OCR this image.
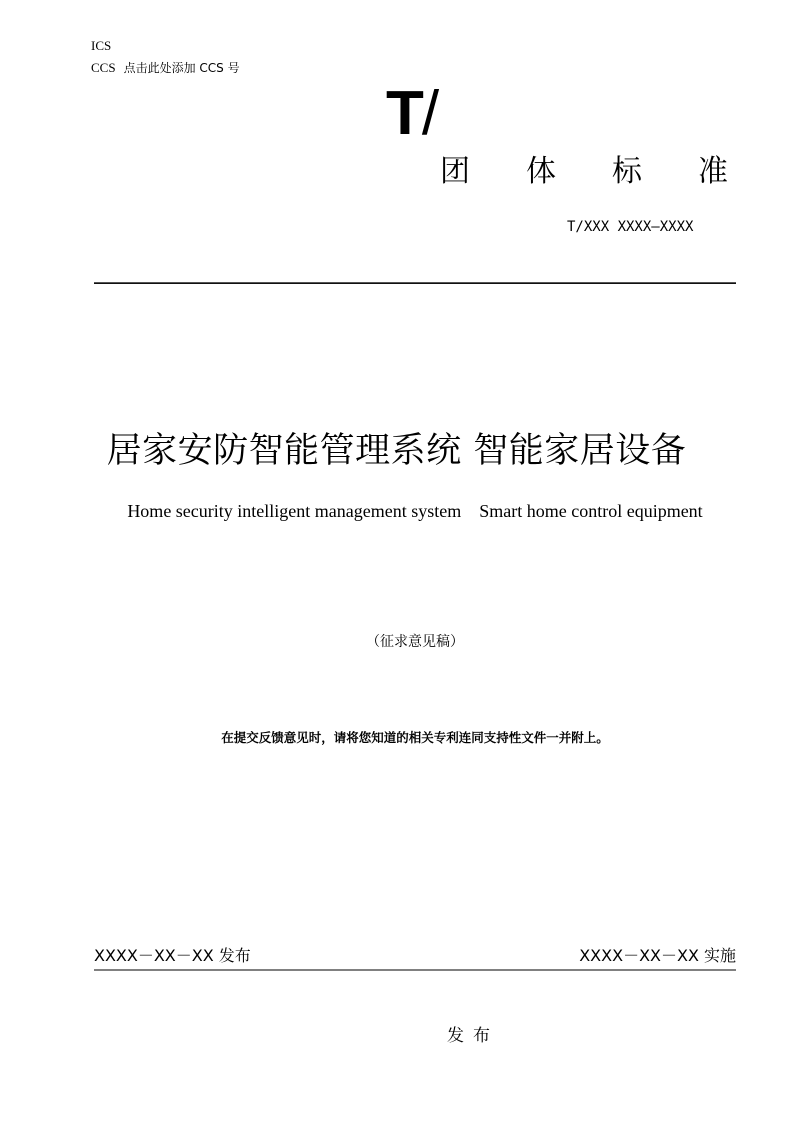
ICS
CCS 点击此处添加 CCS 号
T/
团	体	标	准
T/XXX XXXX—XXXX
居家安防智能管理系统 智能家居设备
Home security intelligent management system Smart home control equipment
（征求意见稿）
在提交反馈意见时，请将您知道的相关专利连同支持性文件一并附上。
XXXX－XX－XX 发布	XXXX－XX－XX 实施
发布
